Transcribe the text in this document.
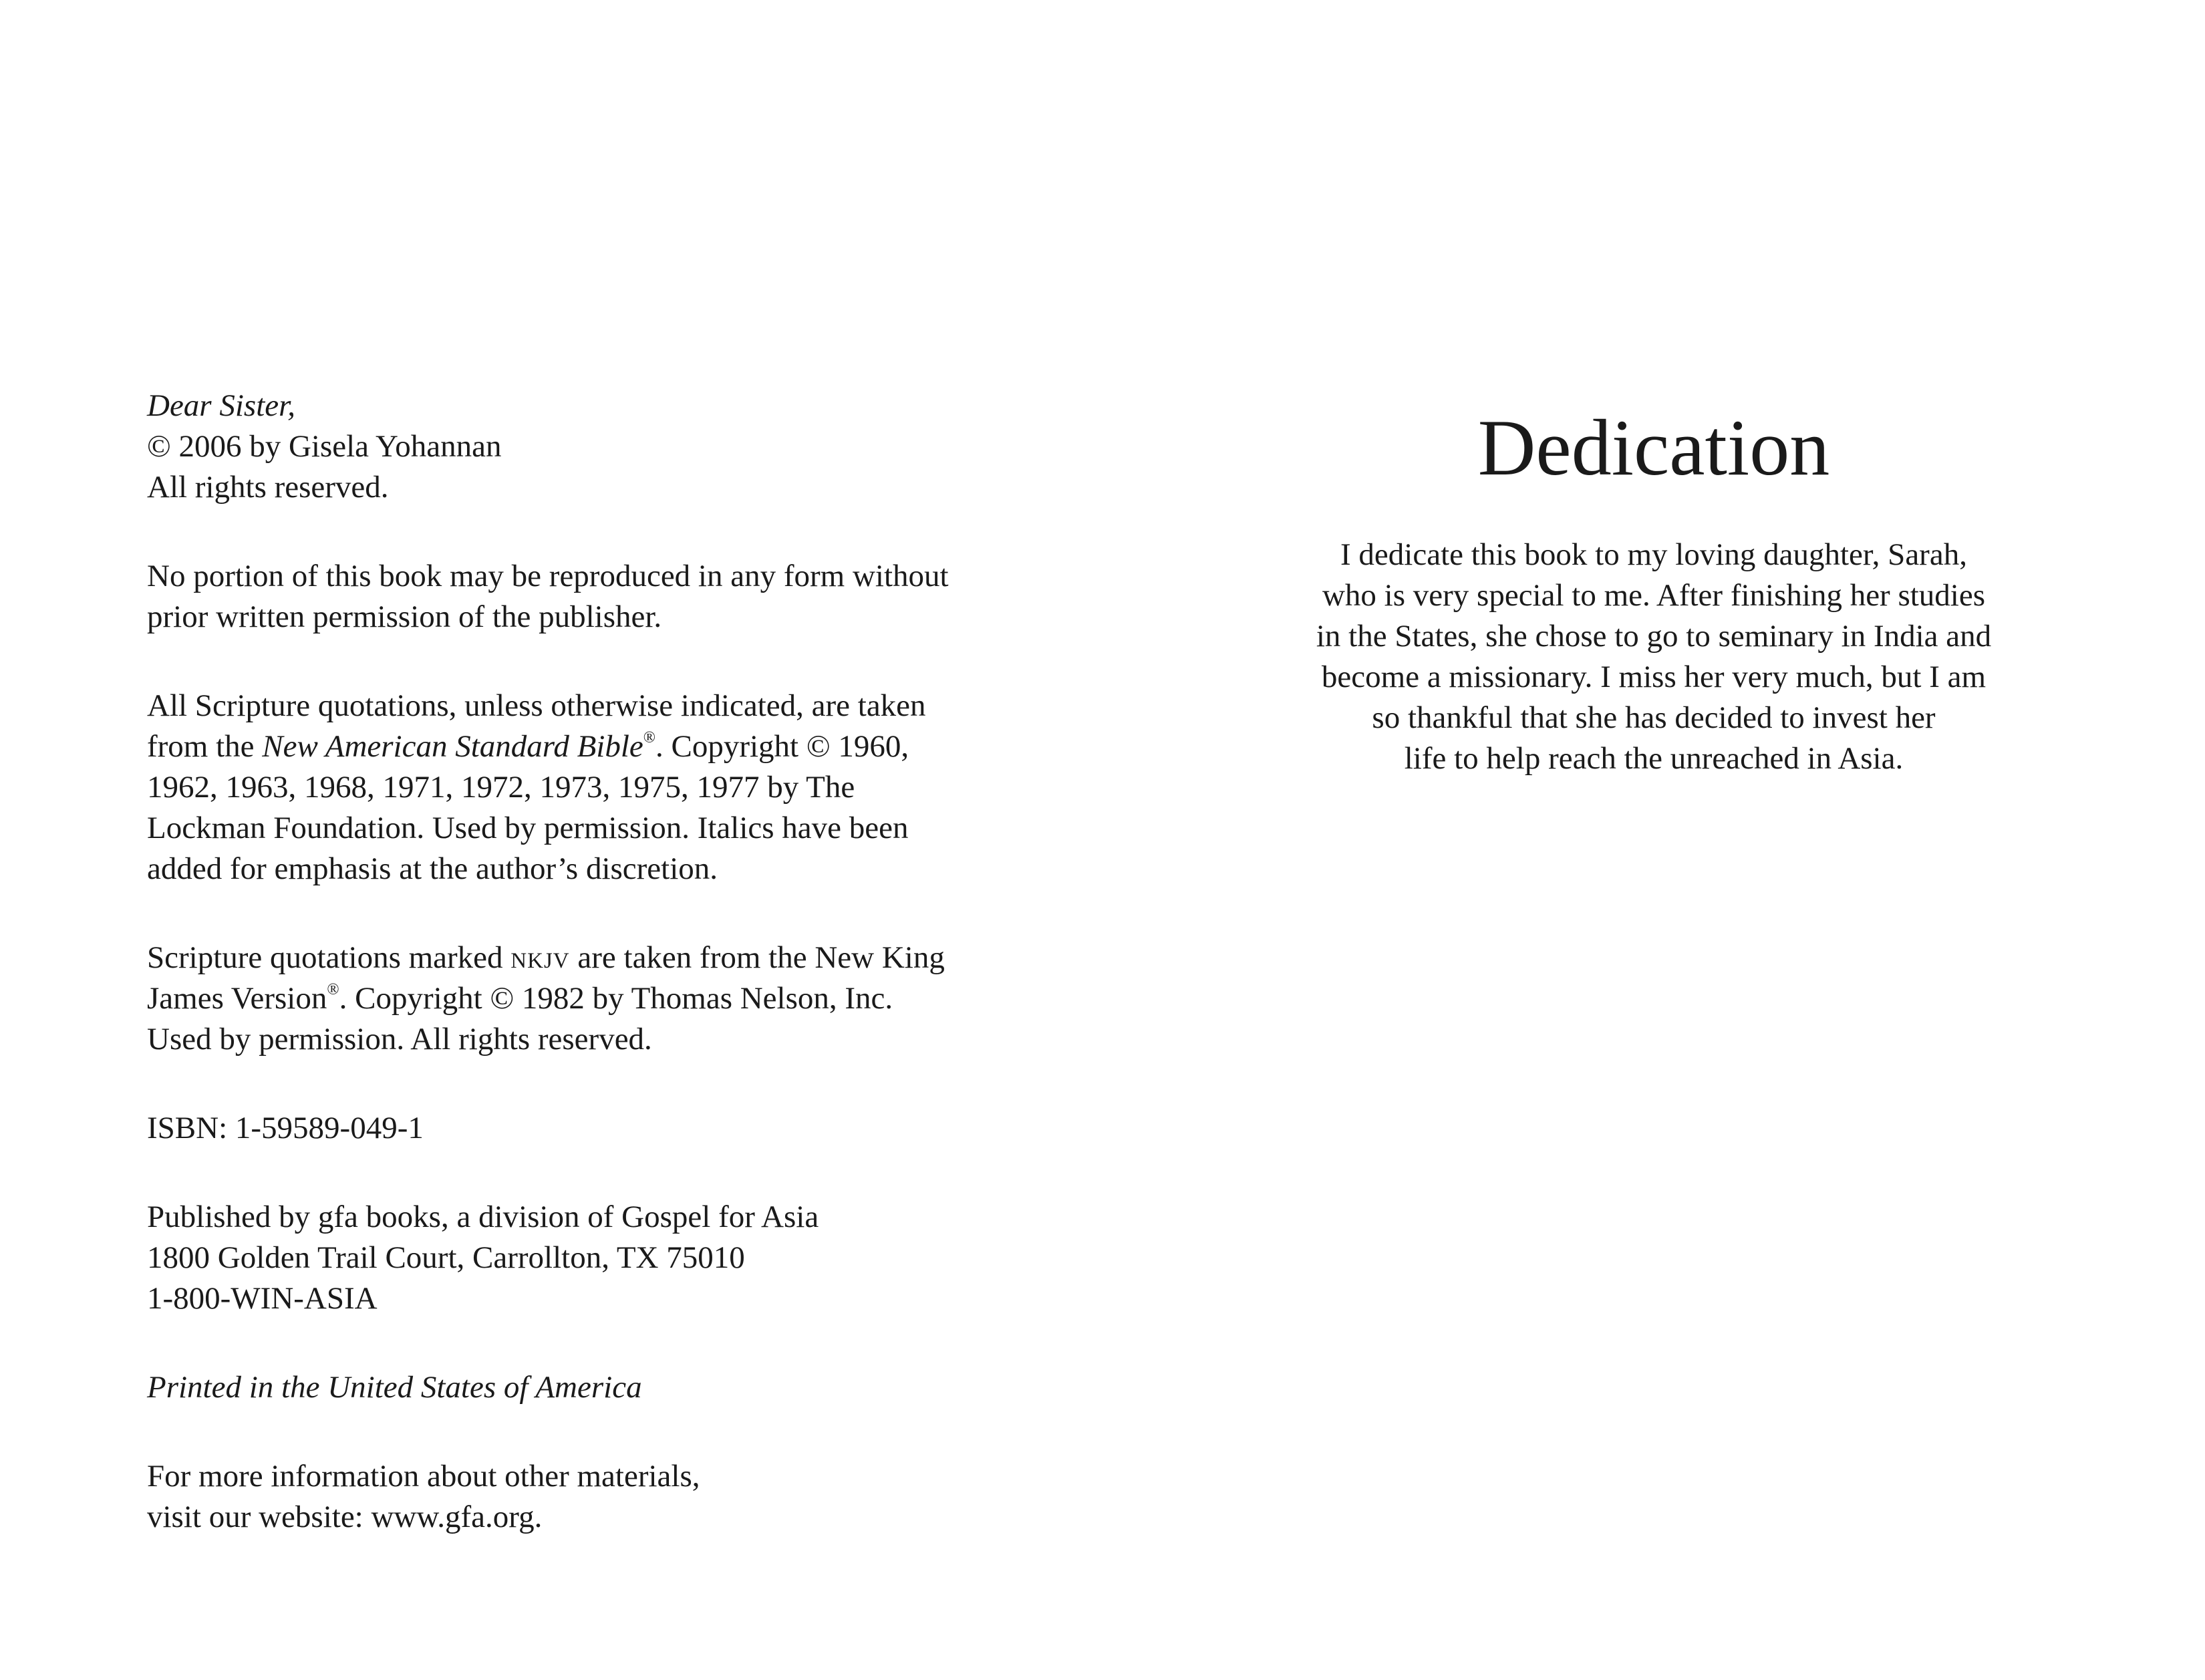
Dear Sister,
© 2006 by Gisela Yohannan
All rights reserved.

No portion of this book may be reproduced in any form without
prior written permission of the publisher.

All Scripture quotations, unless otherwise indicated, are taken
from the New American Standard Bible®. Copyright © 1960,
1962, 1963, 1968, 1971, 1972, 1973, 1975, 1977 by The
Lockman Foundation. Used by permission. Italics have been
added for emphasis at the author’s discretion.

Scripture quotations marked nkjv are taken from the New King
James Version®. Copyright © 1982 by Thomas Nelson, Inc.
Used by permission. All rights reserved.

ISBN: 1-59589-049-1

Published by gfa books, a division of Gospel for Asia
1800 Golden Trail Court, Carrollton, TX 75010
1-800-WIN-ASIA

Printed in the United States of America

For more information about other materials,
visit our website: www.gfa.org.

Dedication
I dedicate this book to my loving daughter, Sarah,
who is very special to me. After finishing her studies
in the States, she chose to go to seminary in India and
become a missionary. I miss her very much, but I am
so thankful that she has decided to invest her
life to help reach the unreached in Asia.
